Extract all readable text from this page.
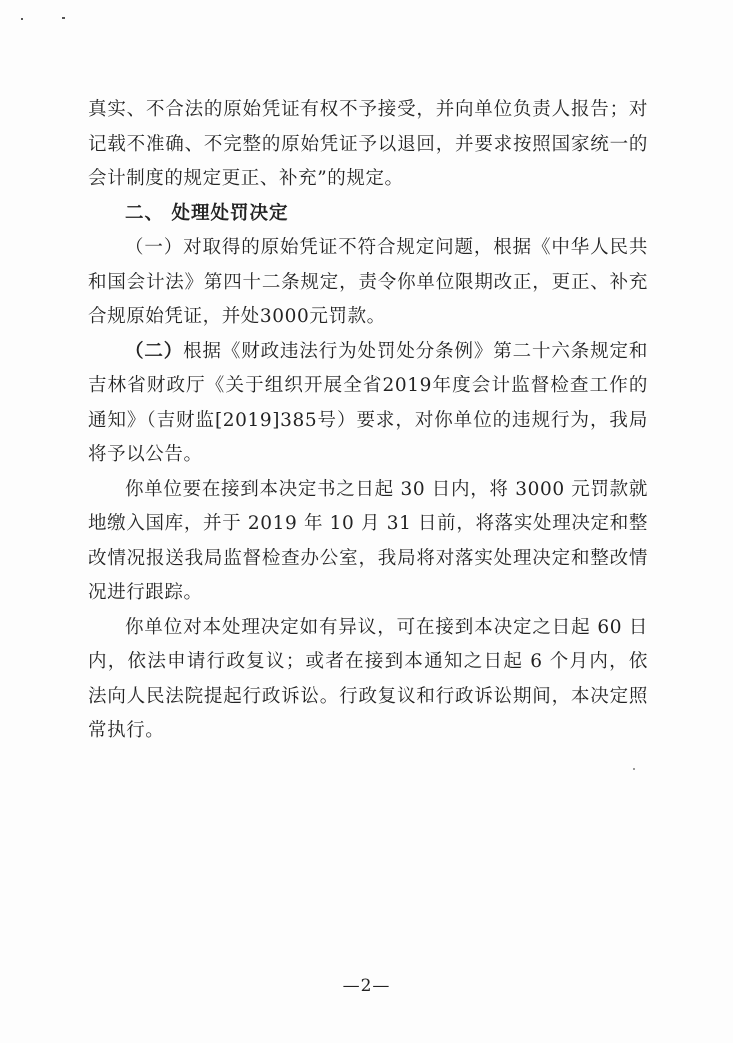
真实、不合法的原始凭证有权不予接受，并向单位负责人报告；对记载不准确、不完整的原始凭证予以退回，并要求按照国家统一的会计制度的规定更正、补充”的规定。

二、 处理处罚决定

（一）对取得的原始凭证不符合规定问题，根据《中华人民共和国会计法》第四十二条规定，责令你单位限期改正，更正、补充合规原始凭证，并处3000元罚款。

（二）根据《财政违法行为处罚处分条例》第二十六条规定和吉林省财政厅《关于组织开展全省2019年度会计监督检查工作的通知》（吉财监[2019]385号）要求，对你单位的违规行为，我局将予以公告。

你单位要在接到本决定书之日起 30 日内，将 3000 元罚款就地缴入国库，并于 2019 年 10 月 31 日前，将落实处理决定和整改情况报送我局监督检查办公室，我局将对落实处理决定和整改情况进行跟踪。

你单位对本处理决定如有异议，可在接到本决定之日起 60 日内，依法申请行政复议；或者在接到本通知之日起 6 个月内，依法向人民法院提起行政诉讼。行政复议和行政诉讼期间，本决定照常执行。

—2—
